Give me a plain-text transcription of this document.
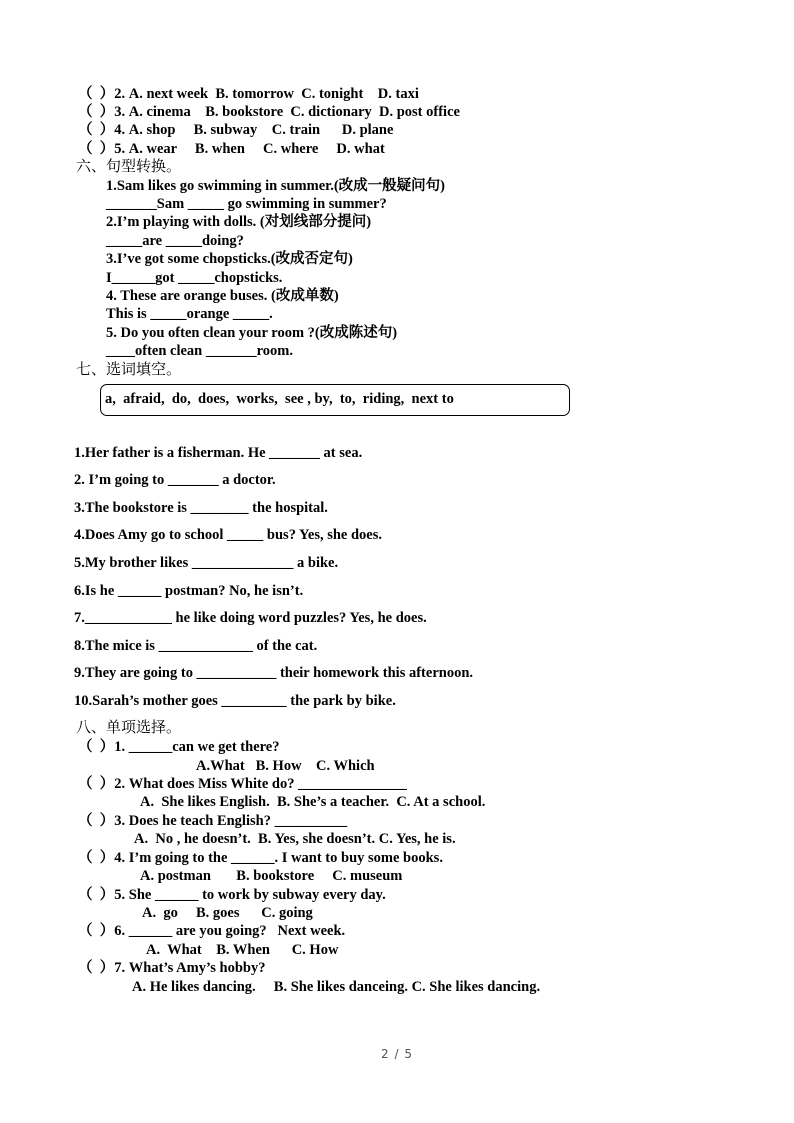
（  ）2. A. next week  B. tomorrow  C. tonight    D. taxi
（  ）3. A. cinema    B. bookstore  C. dictionary  D. post office
（  ）4. A. shop     B. subway    C. train      D. plane
（  ）5. A. wear     B. when     C. where     D. what
六、句型转换。
1.Sam likes go swimming in summer.(改成一般疑问句)
_______Sam _____ go swimming in summer?
2.I’m playing with dolls. (对划线部分提问)
_____are _____doing?
3.I’ve got some chopsticks.(改成否定句)
I______got _____chopsticks.
4. These are orange buses. (改成单数)
This is _____orange _____.
5. Do you often clean your room ?(改成陈述句)
____often clean _______room.
七、选词填空。
a,  afraid,  do,  does,  works,  see , by,  to,  riding,  next to
1.Her father is a fisherman. He _______ at sea.
2. I’m going to _______ a doctor.
3.The bookstore is ________ the hospital.
4.Does Amy go to school _____ bus? Yes, she does.
5.My brother likes ______________ a bike.
6.Is he ______ postman? No, he isn’t.
7.____________ he like doing word puzzles? Yes, he does.
8.The mice is _____________ of the cat.
9.They are going to ___________ their homework this afternoon.
10.Sarah’s mother goes _________ the park by bike.
八、单项选择。
（  ）1. ______can we get there?
A.What   B. How    C. Which
（  ）2. What does Miss White do? _______________
A.  She likes English.  B. She’s a teacher.  C. At a school.
（  ）3. Does he teach English? __________
A.  No , he doesn’t.  B. Yes, she doesn’t. C. Yes, he is.
（  ）4. I’m going to the ______. I want to buy some books.
A. postman       B. bookstore     C. museum
（  ）5. She ______ to work by subway every day.
A.  go     B. goes      C. going
（  ）6. ______ are you going?   Next week.
A.  What    B. When      C. How
（  ）7. What’s Amy’s hobby?
A. He likes dancing.     B. She likes danceing. C. She likes dancing.
2 / 5
